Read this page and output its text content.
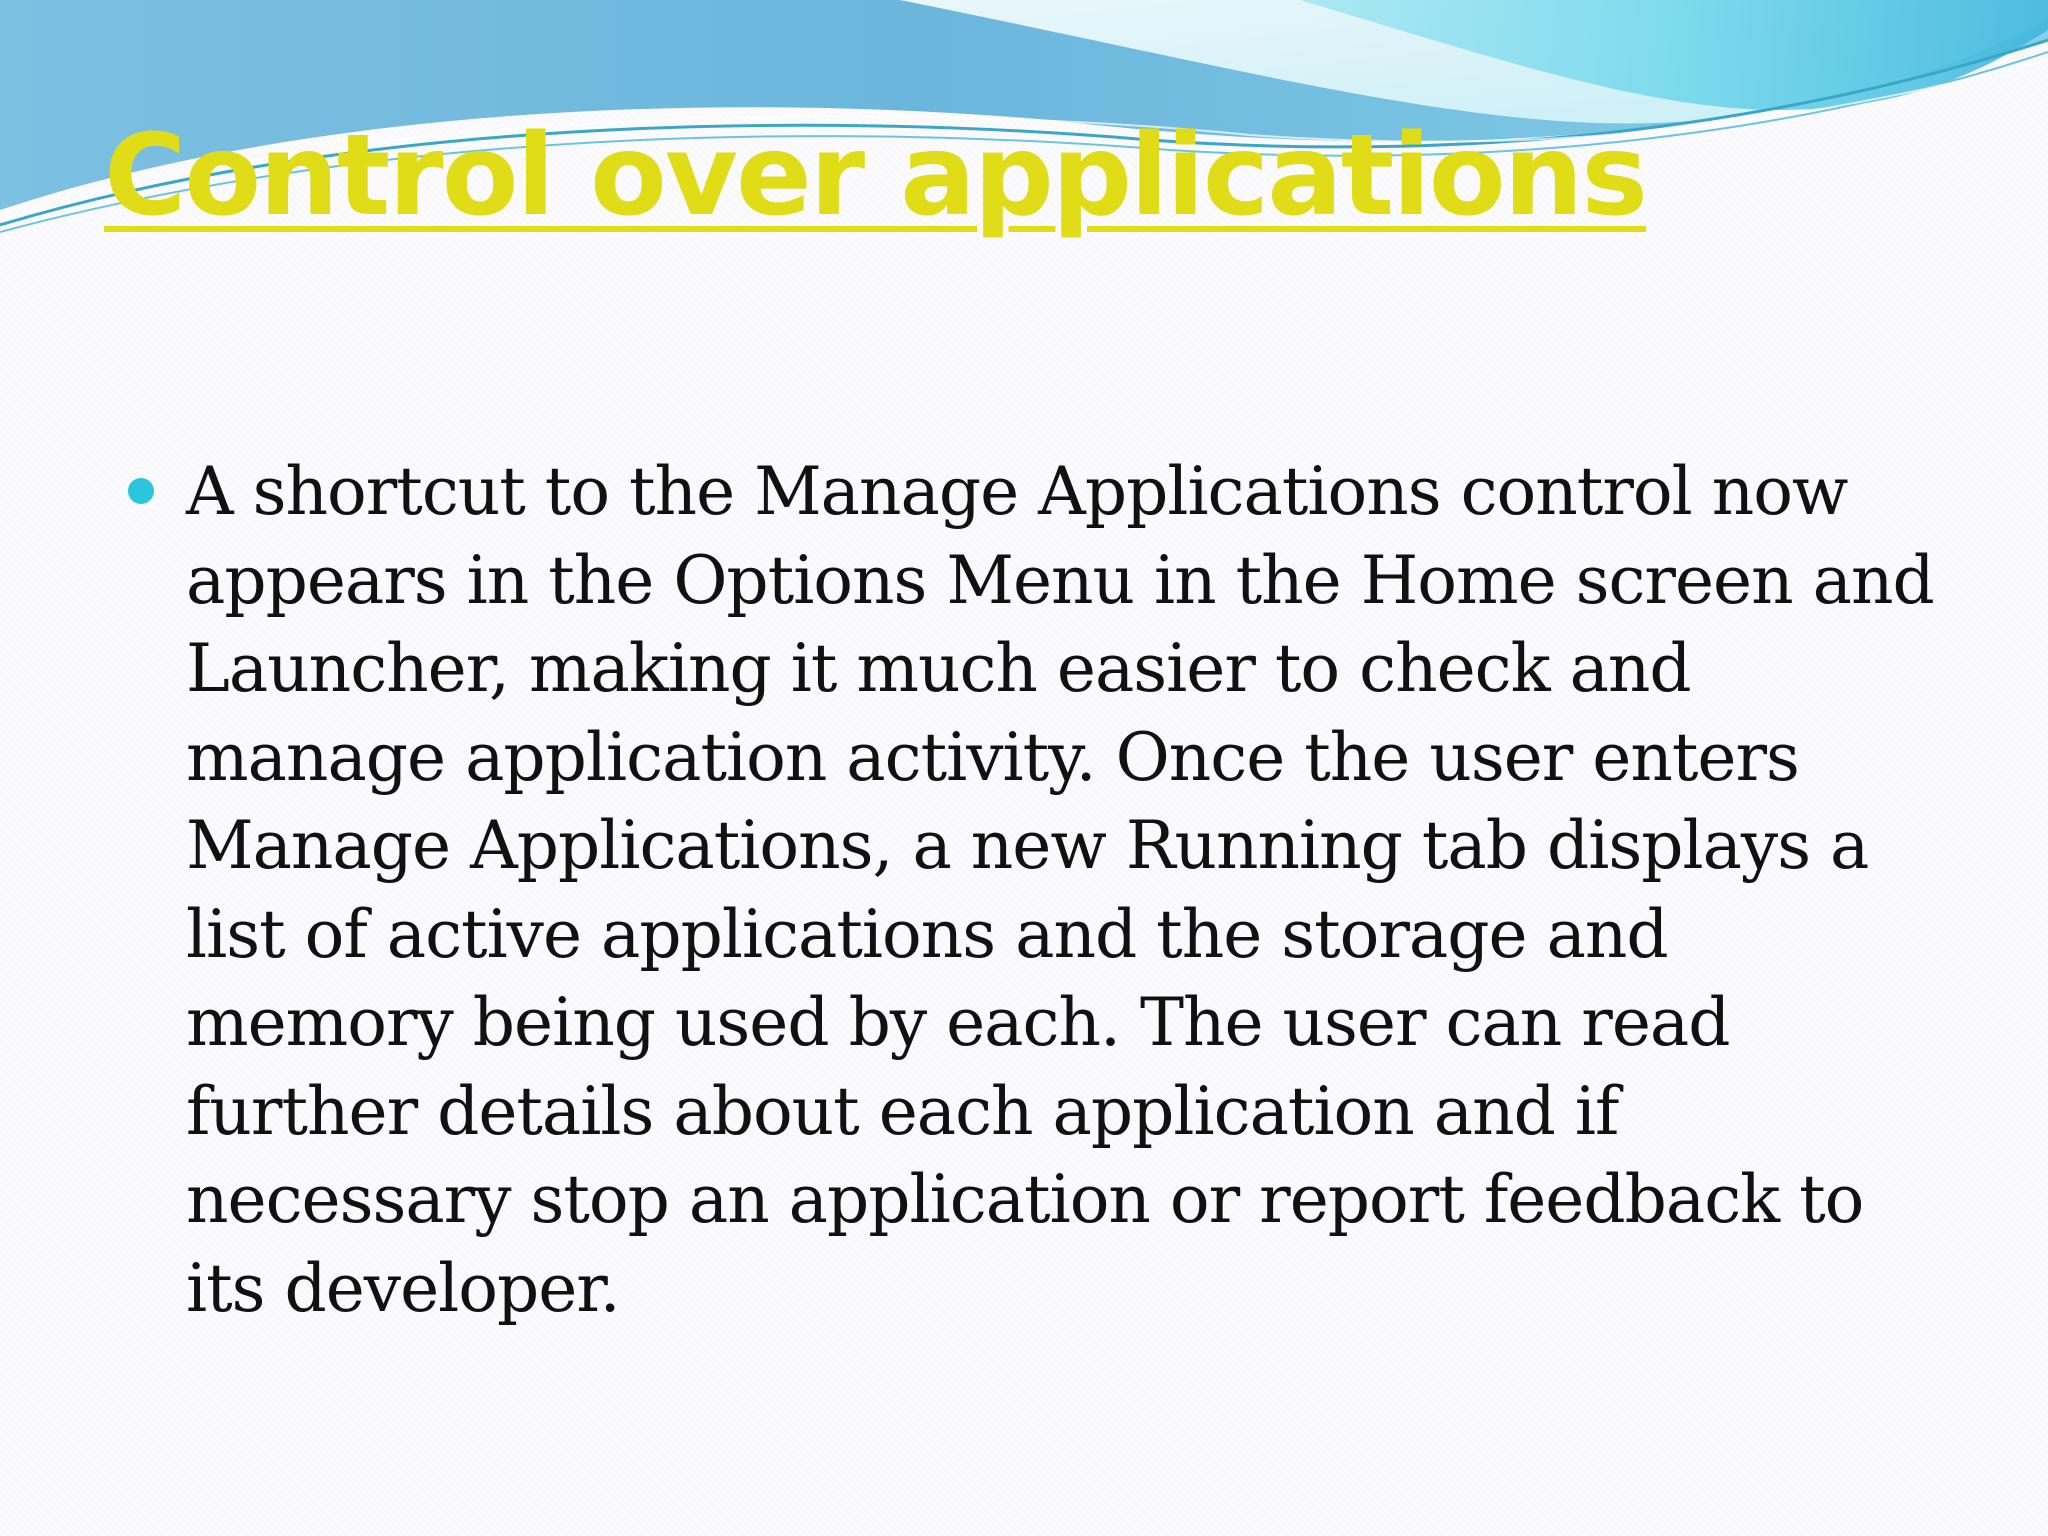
Control over applications

A shortcut to the Manage Applications control now appears in the Options Menu in the Home screen and Launcher, making it much easier to check and manage application activity. Once the user enters Manage Applications, a new Running tab displays a list of active applications and the storage and memory being used by each. The user can read further details about each application and if necessary stop an application or report feedback to its developer.
